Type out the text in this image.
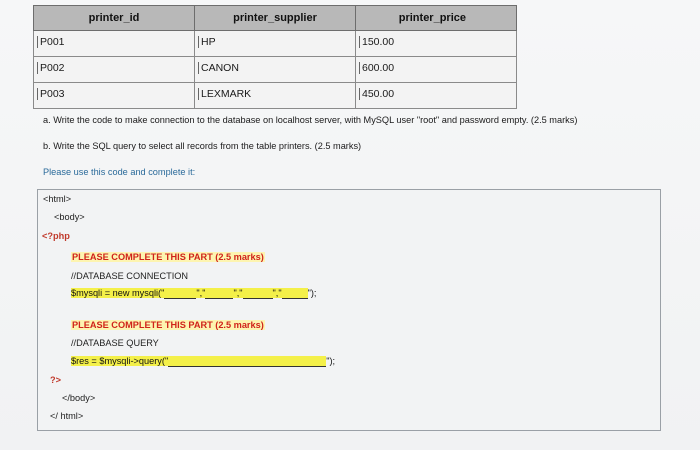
printer_id	printer_supplier	printer_price
P001	HP	150.00
P002	CANON	600.00
P003	LEXMARK	450.00
a. Write the code to make connection to the database on localhost server, with MySQL user "root" and password empty. (2.5 marks)
b. Write the SQL query to select all records from the table printers. (2.5 marks)
Please use this code and complete it:
<html>
<body>
<?php
PLEASE COMPLETE THIS PART (2.5 marks)
//DATABASE CONNECTION
$mysqli = new mysqli("	","	","	","	");
PLEASE COMPLETE THIS PART (2.5 marks)
//DATABASE QUERY
$res = $mysqli->query("	");
?>
</body>
</ html>
